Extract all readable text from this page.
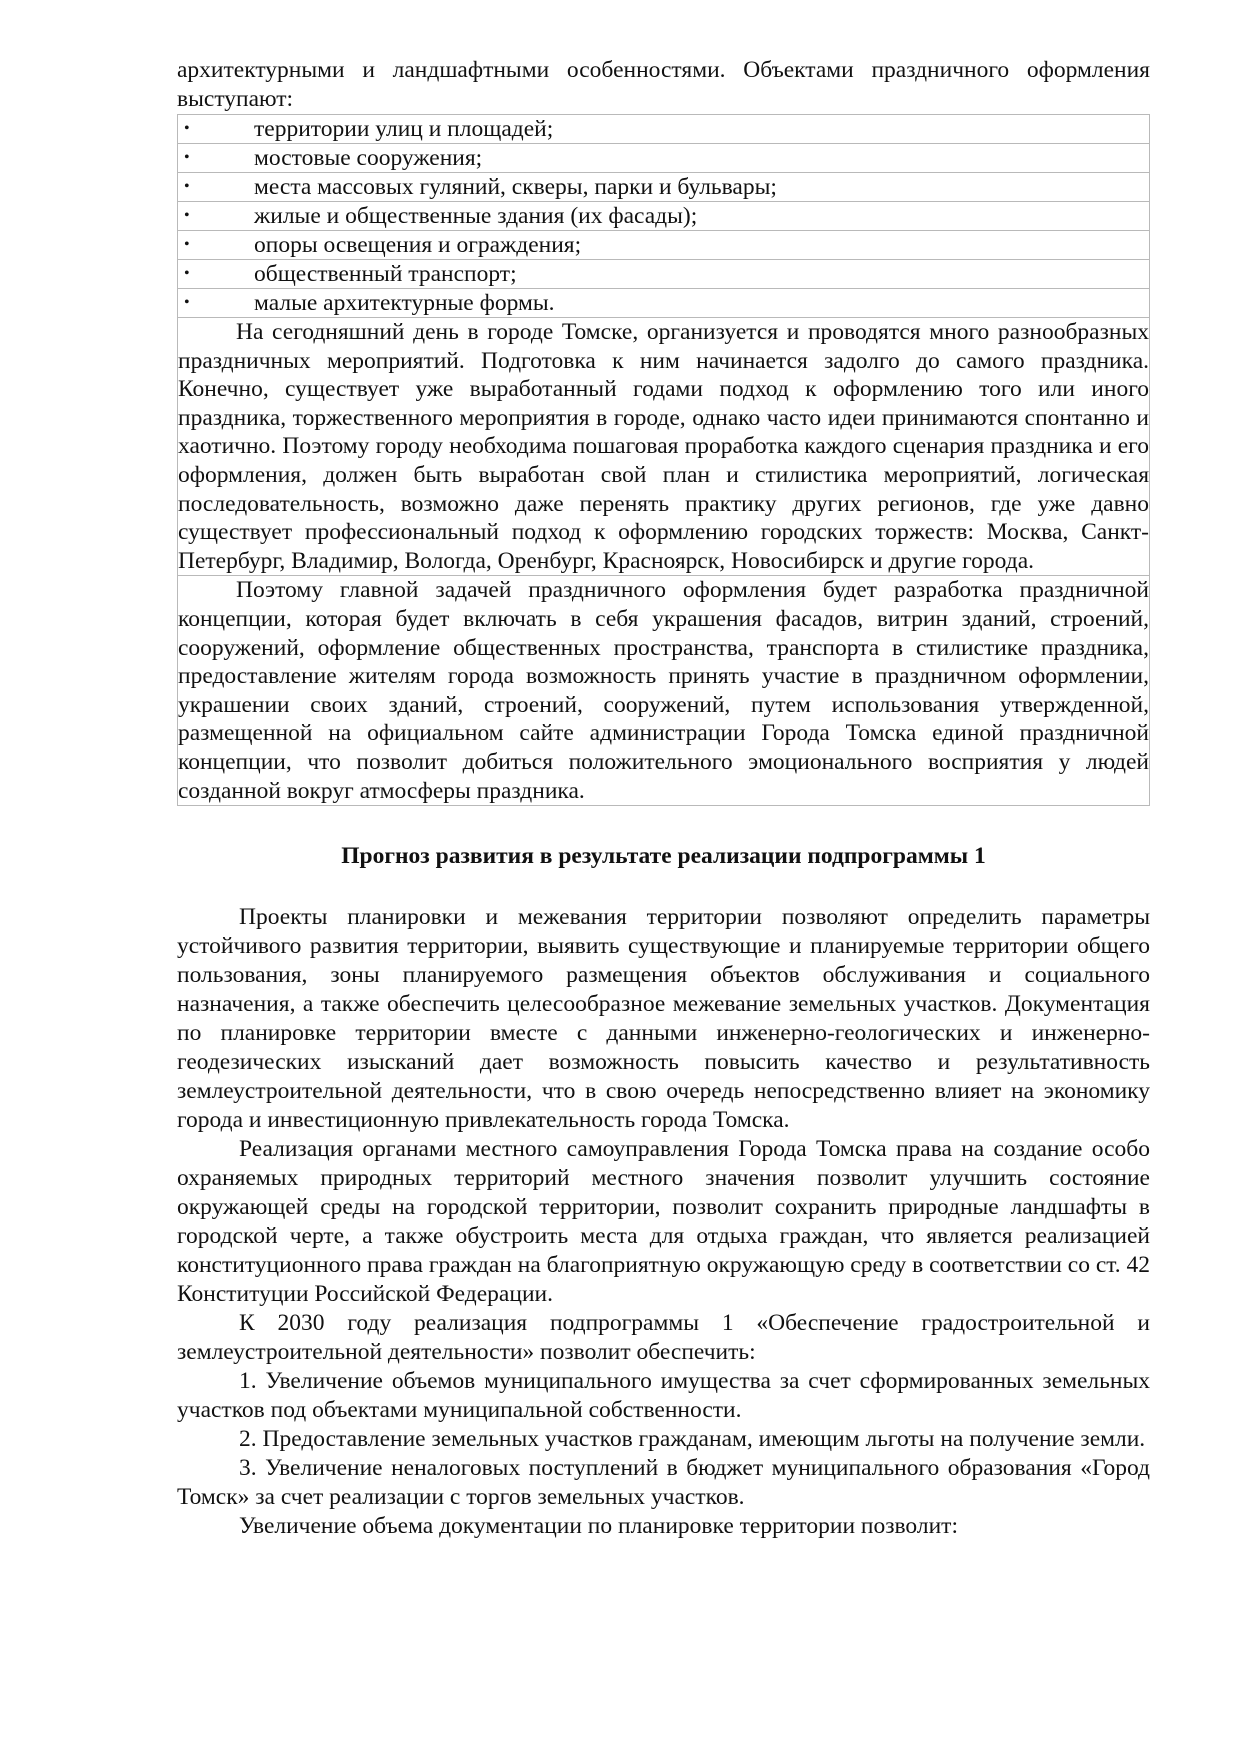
архитектурными и ландшафтными особенностями. Объектами праздничного оформления

выступают:

•	территории улиц и площадей;
•	мостовые сооружения;
•	места массовых гуляний, скверы, парки и бульвары;
•	жилые и общественные здания (их фасады);
•	опоры освещения и ограждения;
•	общественный транспорт;
•	малые архитектурные формы.

На сегодняшний день в городе Томске, организуется и проводятся много разнообразных праздничных мероприятий. Подготовка к ним начинается задолго до самого праздника. Конечно, существует уже выработанный годами подход к оформлению того или иного праздника, торжественного мероприятия в городе, однако часто идеи принимаются спонтанно и хаотично. Поэтому городу необходима пошаговая проработка каждого сценария праздника и его оформления, должен быть выработан свой план и стилистика мероприятий, логическая последовательность, возможно даже перенять практику других регионов, где уже давно существует профессиональный подход к оформлению городских торжеств: Москва, Санкт-Петербург, Владимир, Вологда, Оренбург, Красноярск, Новосибирск и другие города.

Поэтому главной задачей праздничного оформления будет разработка праздничной концепции, которая будет включать в себя украшения фасадов, витрин зданий, строений, сооружений, оформление общественных пространства, транспорта в стилистике праздника, предоставление жителям города возможность принять участие в праздничном оформлении, украшении своих зданий, строений, сооружений, путем использования утвержденной, размещенной на официальном сайте администрации Города Томска единой праздничной концепции, что позволит добиться положительного эмоционального восприятия у людей созданной вокруг атмосферы праздника.

Прогноз развития в результате реализации подпрограммы 1

Проекты планировки и межевания территории позволяют определить параметры устойчивого развития территории, выявить существующие и планируемые территории общего пользования, зоны планируемого размещения объектов обслуживания и социального назначения, а также обеспечить целесообразное межевание земельных участков. Документация по планировке территории вместе с данными инженерно-геологических и инженерно-геодезических изысканий дает возможность повысить качество и результативность землеустроительной деятельности, что в свою очередь непосредственно влияет на экономику города и инвестиционную привлекательность города Томска.

Реализация органами местного самоуправления Города Томска права на создание особо охраняемых природных территорий местного значения позволит улучшить состояние окружающей среды на городской территории, позволит сохранить природные ландшафты в городской черте, а также обустроить места для отдыха граждан, что является реализацией конституционного права граждан на благоприятную окружающую среду в соответствии со ст. 42 Конституции Российской Федерации.

К 2030 году реализация подпрограммы 1 «Обеспечение градостроительной и землеустроительной деятельности» позволит обеспечить:

1. Увеличение объемов муниципального имущества за счет сформированных земельных участков под объектами муниципальной собственности.

2. Предоставление земельных участков гражданам, имеющим льготы на получение земли.

3. Увеличение неналоговых поступлений в бюджет муниципального образования «Город Томск» за счет реализации с торгов земельных участков.

Увеличение объема документации по планировке территории позволит:
